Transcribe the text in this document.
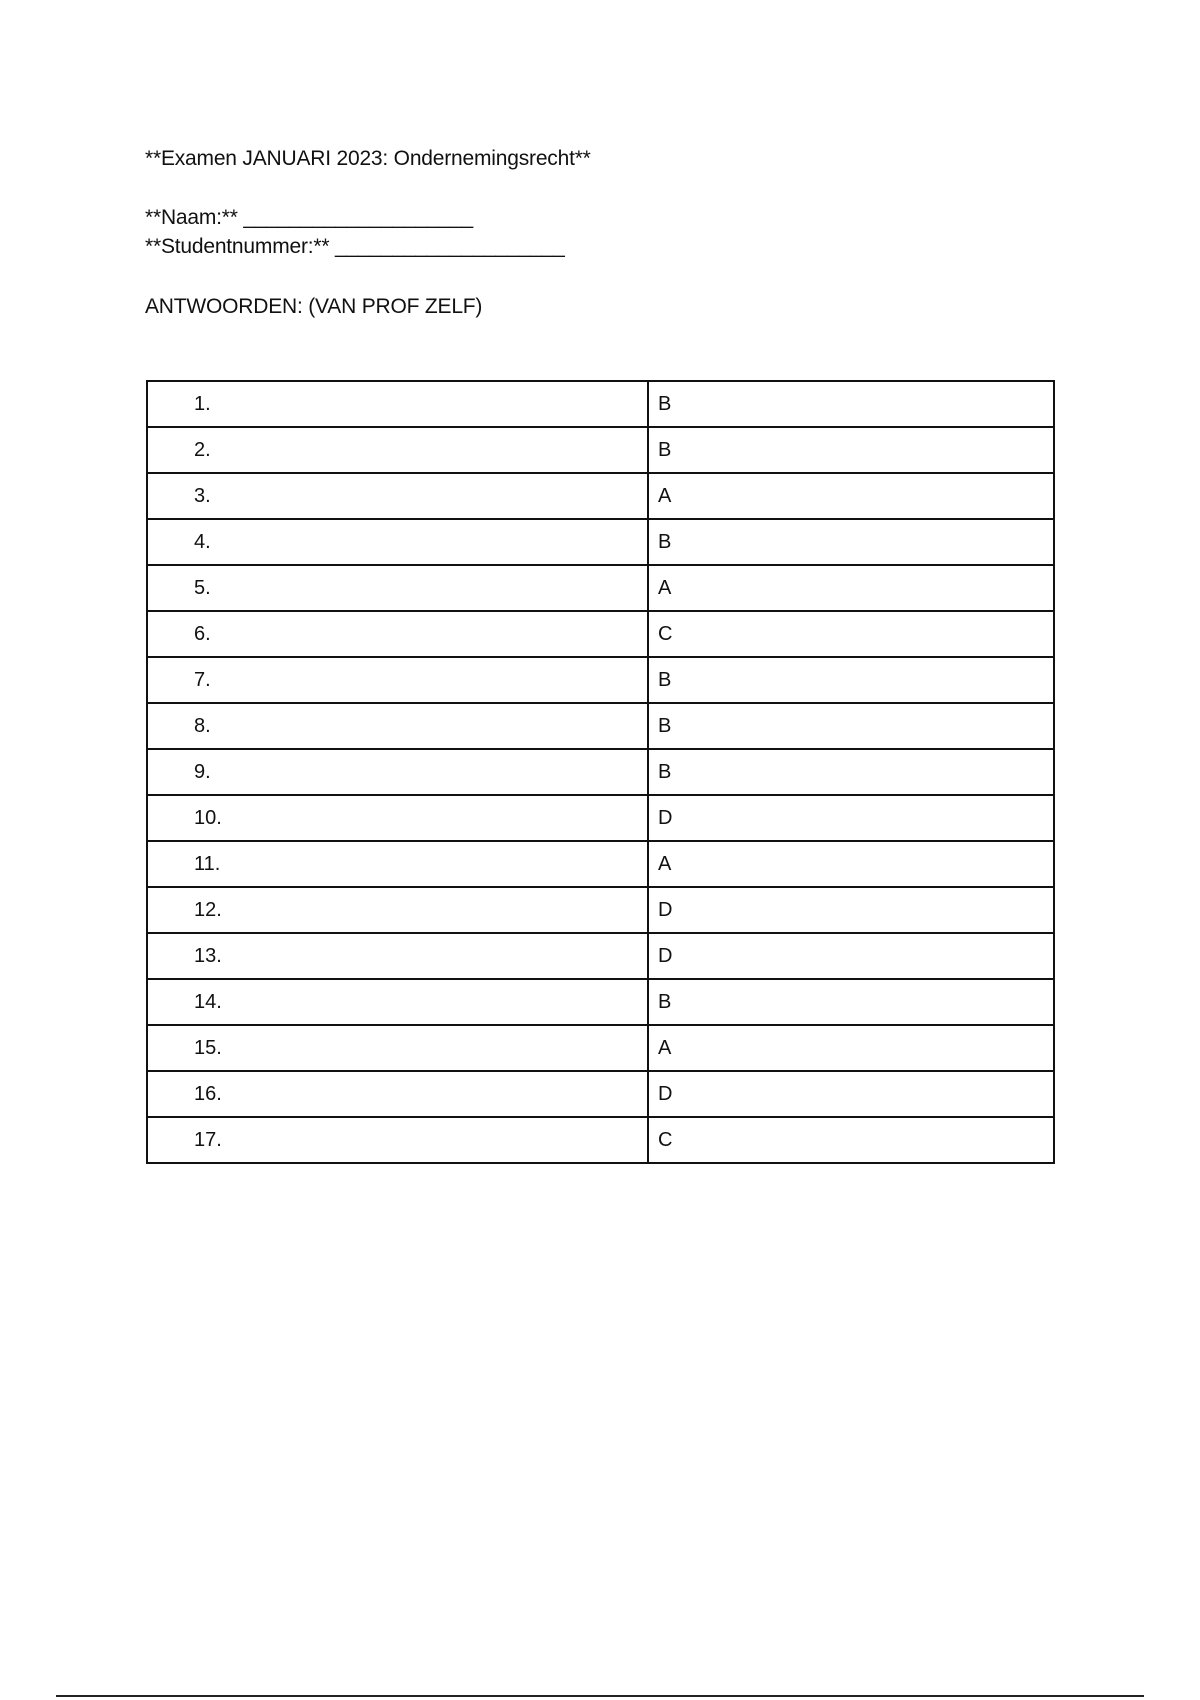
**Examen JANUARI 2023: Ondernemingsrecht**
**Naam:** ____________________
**Studentnummer:** ____________________
ANTWOORDEN: (VAN PROF ZELF)
1.	B
2.	B
3.	A
4.	B
5.	A
6.	C
7.	B
8.	B
9.	B
10.	D
11.	A
12.	D
13.	D
14.	B
15.	A
16.	D
17.	C
